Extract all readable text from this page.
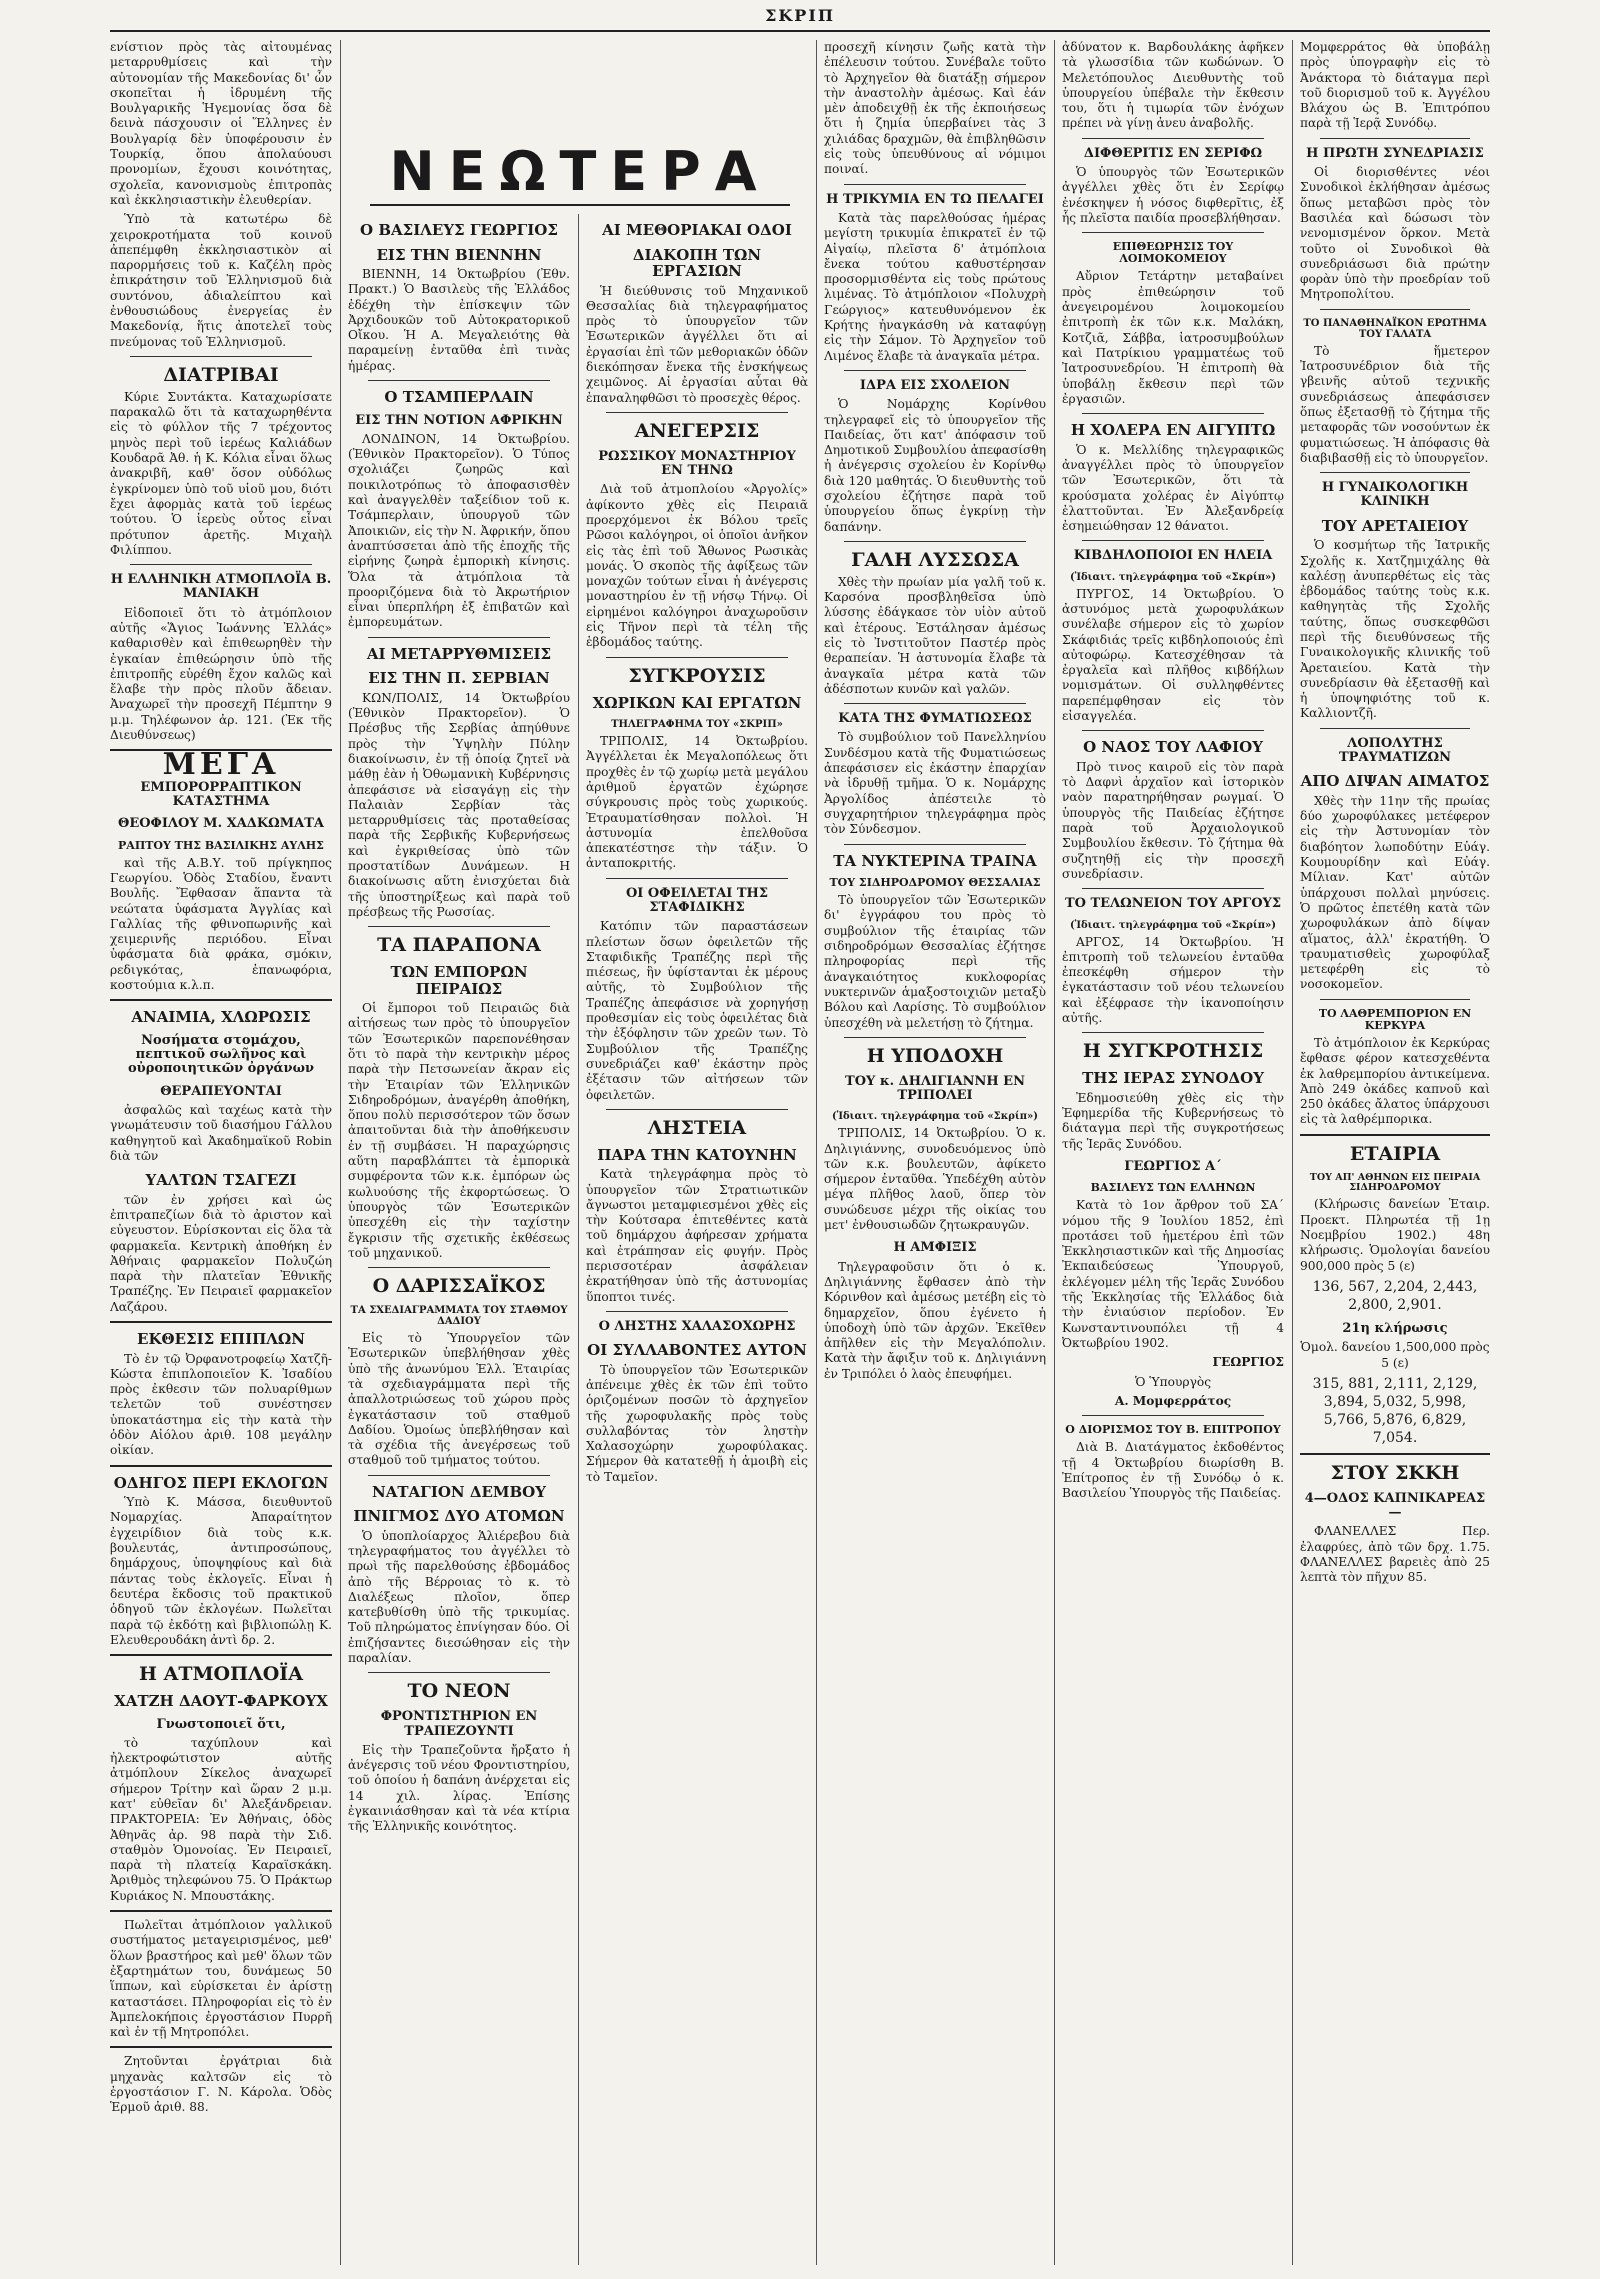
ΣΚΡΙΠ

ενίστιον πρὸς τὰς αἰτουμένας μεταρρυθμίσεις καὶ τὴν αὐτονομίαν τῆς Μακεδονίας δι' ὧν σκοπεῖται ἡ ἰδρυμένη τῆς Βουλγαρικῆς Ἡγεμονίας ὅσα δὲ δεινὰ πάσχουσιν οἱ Ἕλληνες ἐν Βουλγαρίᾳ δὲν ὑποφέρουσιν ἐν Τουρκίᾳ, ὅπου ἀπολαύουσι προνομίων, ἔχουσι κοινότητας, σχολεῖα, κανονισμοὺς ἐπιτροπὰς καὶ ἐκκλησιαστικὴν ἐλευθερίαν.

Ὑπὸ τὰ κατωτέρω δὲ χειροκροτήματα τοῦ κοινοῦ ἀπεπέμφθη ἐκκλησιαστικὸν αἱ παρορμήσεις τοῦ κ. Καζέλη πρὸς ἐπικράτησιν τοῦ Ἑλληνισμοῦ διὰ συντόνου, ἀδιαλείπτου καὶ ἐνθουσιώδους ἐνεργείας ἐν Μακεδονίᾳ, ἥτις ἀποτελεῖ τοὺς πνεύμονας τοῦ Ἑλληνισμοῦ.

ΔΙΑΤΡΙΒΑΙ

Κύριε Συντάκτα. Καταχωρίσατε παρακαλῶ ὅτι τὰ καταχωρηθέντα εἰς τὸ φύλλον τῆς 7 τρέχοντος μηνὸς περὶ τοῦ ἱερέως Καλιάδων Κουδαρᾶ Ἀθ. ἡ Κ. Κόλια εἶναι ὅλως ἀνακριβῆ, καθ' ὅσον οὐδόλως ἐγκρίνομεν ὑπὸ τοῦ υἱοῦ μου, διότι ἔχει ἀφορμὰς κατὰ τοῦ ἱερέως τούτου. Ὁ ἱερεὺς οὗτος εἶναι πρότυπον ἀρετῆς. Μιχαὴλ Φιλίππου.

Η ΕΛΛΗΝΙΚΗ ΑΤΜΟΠΛΟΪΑ Β. ΜΑΝΙΑΚΗ

Εἰδοποιεῖ ὅτι τὸ ἀτμόπλοιον αὐτῆς «Ἅγιος Ἰωάννης Ἐλλάς» καθαρισθὲν καὶ ἐπιθεωρηθὲν τὴν ἐγκαίαν ἐπιθεώρησιν ὑπὸ τῆς ἐπιτροπῆς εὑρέθη ἔχον καλῶς καὶ ἔλαβε τὴν πρὸς πλοῦν ἄδειαν. Ἀναχωρεῖ τὴν προσεχῆ Πέμπτην 9 μ.μ. Τηλέφωνον ἀρ. 121. (Ἐκ τῆς Διευθύνσεως)

ΜΕΓΑ
ΕΜΠΟΡΟΡΡΑΠΤΙΚΟΝ ΚΑΤΑΣΤΗΜΑ
ΘΕΟΦΙΛΟΥ Μ. ΧΑΔΚΩΜΑΤΑ
ΡΑΠΤΟΥ ΤΗΣ ΒΑΣΙΛΙΚΗΣ ΑΥΛΗΣ

καὶ τῆς Α.Β.Υ. τοῦ πρίγκηπος Γεωργίου. Ὁδὸς Σταδίου, ἔναντι Βουλῆς. Ἔφθασαν ἅπαντα τὰ νεώτατα ὑφάσματα Ἀγγλίας καὶ Γαλλίας τῆς φθινοπωρινῆς καὶ χειμερινῆς περιόδου. Εἶναι ὑφάσματα διὰ φράκα, σμόκιν, ρεδιγκότας, ἐπανωφόρια, κοστούμια κ.λ.π.

ΑΝΑΙΜΙΑ, ΧΛΩΡΩΣΙΣ
Νοσήματα στομάχου, πεπτικοῦ σωλῆνος καὶ οὐροποιητικῶν ὀργάνων
ΘΕΡΑΠΕΥΟΝΤΑΙ

ἀσφαλῶς καὶ ταχέως κατὰ τὴν γνωμάτευσιν τοῦ διασήμου Γάλλου καθηγητοῦ καὶ Ἀκαδημαϊκοῦ Robin διὰ τῶν

ΥΑΛΤΩΝ ΤΣΑΓΕΖΙ

τῶν ἐν χρήσει καὶ ὡς ἐπιτραπεζίων διὰ τὸ ἀριστον καὶ εὐγευστον. Εὑρίσκονται εἰς ὅλα τὰ φαρμακεῖα. Κεντρικὴ ἀποθήκη ἐν Ἀθήναις φαρμακεῖον Πολυζώη παρὰ τὴν πλατεῖαν Ἐθνικῆς Τραπέζης. Ἐν Πειραιεῖ φαρμακεῖον Λαζάρου.

ΕΚΘΕΣΙΣ ΕΠΙΠΛΩΝ

Τὸ ἐν τῷ Ὀρφανοτροφείῳ Χατζῆ-Κώστα ἐπιπλοποιεῖον Κ. Ἰσαδίου πρὸς ἐκθεσιν τῶν πολυαρίθμων τελετῶν τοῦ συνέστησεν ὑποκατάστημα εἰς τὴν κατὰ τὴν ὁδὸν Αἰόλου ἀριθ. 108 μεγάλην οἰκίαν.

ΟΔΗΓΟΣ ΠΕΡΙ ΕΚΛΟΓΩΝ

Ὑπὸ Κ. Μάσσα, διευθυντοῦ Νομαρχίας. Ἀπαραίτητον ἐγχειρίδιον διὰ τοὺς κ.κ. βουλευτάς, ἀντιπροσώπους, δημάρχους, ὑποψηφίους καὶ διὰ πάντας τοὺς ἐκλογεῖς. Εἶναι ἡ δευτέρα ἔκδοσις τοῦ πρακτικοῦ ὁδηγοῦ τῶν ἐκλογέων. Πωλεῖται παρὰ τῷ ἐκδότῃ καὶ βιβλιοπώλῃ Κ. Ελευθερουδάκη ἀντὶ δρ. 2.

Η ΑΤΜΟΠΛΟΪΑ
ΧΑΤΖΗ ΔΑΟΥΤ-ΦΑΡΚΟΥΧ
Γνωστοποιεῖ ὅτι,

τὸ ταχύπλουν καὶ ἠλεκτροφώτιστον αὐτῆς ἀτμόπλουν Σίκελος ἀναχωρεῖ σήμερον Τρίτην καὶ ὥραν 2 μ.μ. κατ' εὐθεῖαν δι' Ἀλεξάνδρειαν. ΠΡΑΚΤΟΡΕΙΑ: Ἐν Ἀθήναις, ὁδὸς Ἀθηνᾶς ἀρ. 98 παρὰ τὴν Σιδ. σταθμὸν Ὁμονοίας. Ἐν Πειραιεῖ, παρὰ τὴ πλατείᾳ Καραϊσκάκη. Ἀριθμὸς τηλεφώνου 75. Ὁ Πράκτωρ Κυριάκος Ν. Μπουστάκης.

Πωλεῖται ἀτμόπλοιον γαλλικοῦ συστήματος μεταγειρισμένος, μεθ' ὅλων βραστήρος καὶ μεθ' ὅλων τῶν ἐξαρτημάτων του, δυνάμεως 50 ἵππων, καὶ εὑρίσκεται ἐν ἀρίστῃ καταστάσει. Πληροφορίαι εἰς τὸ ἐν Ἀμπελοκήποις ἐργοστάσιον Πυρρῆ καὶ ἐν τῇ Μητροπόλει.

Ζητοῦνται ἐργάτριαι διὰ μηχανὰς καλτσῶν εἰς τὸ ἐργοστάσιον Γ. Ν. Κάρολα. Ὁδὸς Ἑρμοῦ ἀριθ. 88.

ΝΕΩΤΕΡΑ
Ο ΒΑΣΙΛΕΥΣ ΓΕΩΡΓΙΟΣ
ΕΙΣ ΤΗΝ ΒΙΕΝΝΗΝ

ΒΙΕΝΝΗ, 14 Ὀκτωβρίου (Ἐθν. Πρακτ.) Ὁ Βασιλεὺς τῆς Ἑλλάδος ἐδέχθη τὴν ἐπίσκεψιν τῶν Ἀρχιδουκῶν τοῦ Αὐτοκρατορικοῦ Οἴκου. Ἡ Α. Μεγαλειότης θὰ παραμείνῃ ἐνταῦθα ἐπὶ τινὰς ἡμέρας.

Ο ΤΣΑΜΠΕΡΛΑΙΝ
ΕΙΣ ΤΗΝ ΝΟΤΙΟΝ ΑΦΡΙΚΗΝ

ΛΟΝΔΙΝΟΝ, 14 Ὀκτωβρίου. (Ἐθνικὸν Πρακτορεῖον). Ὁ Τύπος σχολιάζει ζωηρῶς καὶ ποικιλοτρόπως τὸ ἀποφασισθὲν καὶ ἀναγγελθὲν ταξείδιον τοῦ κ. Τσάμπερλαιν, ὑπουργοῦ τῶν Ἀποικιῶν, εἰς τὴν Ν. Ἀφρικήν, ὅπου ἀναπτύσσεται ἀπὸ τῆς ἐποχῆς τῆς εἰρήνης ζωηρὰ ἐμπορικὴ κίνησις. Ὅλα τὰ ἀτμόπλοια τὰ προοριζόμενα διὰ τὸ Ἀκρωτήριον εἶναι ὑπερπλήρη ἐξ ἐπιβατῶν καὶ ἐμπορευμάτων.

ΑΙ ΜΕΤΑΡΡΥΘΜΙΣΕΙΣ
ΕΙΣ ΤΗΝ Π. ΣΕΡΒΙΑΝ

ΚΩΝ/ΠΟΛΙΣ, 14 Ὀκτωβρίου (Ἐθνικὸν Πρακτορεῖον). Ὁ Πρέσβυς τῆς Σερβίας ἀπηύθυνε πρὸς τὴν Ὑψηλὴν Πύλην διακοίνωσιν, ἐν τῇ ὁποίᾳ ζητεῖ νὰ μάθῃ ἐὰν ἡ Ὀθωμανικὴ Κυβέρνησις ἀπεφάσισε νὰ εἰσαγάγῃ εἰς τὴν Παλαιὰν Σερβίαν τὰς μεταρρυθμίσεις τὰς προταθείσας παρὰ τῆς Σερβικῆς Κυβερνήσεως καὶ ἐγκριθείσας ὑπὸ τῶν προστατίδων Δυνάμεων. Η διακοίνωσις αὕτη ἐνισχύεται διὰ τῆς ὑποστηρίξεως καὶ παρὰ τοῦ πρέσβεως τῆς Ρωσσίας.

ΤΑ ΠΑΡΑΠΟΝΑ
ΤΩΝ ΕΜΠΟΡΩΝ ΠΕΙΡΑΙΩΣ

Οἱ ἔμποροι τοῦ Πειραιῶς διὰ αἰτήσεως των πρὸς τὸ ὑπουργεῖον τῶν Ἐσωτερικῶν παρεπονέθησαν ὅτι τὸ παρὰ τὴν κεντρικὴν μέρος παρὰ τὴν Πετσωνείαν ἄκραν εἰς τὴν Ἑταιρίαν τῶν Ἑλληνικῶν Σιδηροδρόμων, ἀναγέρθη ἀποθήκη, ὅπου πολὺ περισσότερον τῶν ὅσων ἀπαιτοῦνται διὰ τὴν ἀποθήκευσιν ἐν τῇ συμβάσει. Ἡ παραχώρησις αὕτη παραβλάπτει τὰ ἐμπορικὰ συμφέροντα τῶν κ.κ. ἐμπόρων ὡς κωλυούσης τῆς ἐκφορτώσεως. Ὁ ὑπουργὸς τῶν Ἐσωτερικῶν ὑπεσχέθη εἰς τὴν ταχίστην ἔγκρισιν τῆς σχετικῆς ἐκθέσεως τοῦ μηχανικοῦ.

Ο ΔΑΡΙΣΣΑΪΚΟΣ
ΤΑ ΣΧΕΔΙΑΓΡΑΜΜΑΤΑ ΤΟΥ ΣΤΑΘΜΟΥ ΔΑΔΙΟΥ

Εἰς τὸ Ὑπουργεῖον τῶν Ἐσωτερικῶν ὑπεβλήθησαν χθὲς ὑπὸ τῆς ἀνωνύμου Ἑλλ. Ἑταιρίας τὰ σχεδιαγράμματα περὶ τῆς ἀπαλλοτριώσεως τοῦ χώρου πρὸς ἐγκατάστασιν τοῦ σταθμοῦ Δαδίου. Ὁμοίως ὑπεβλήθησαν καὶ τὰ σχέδια τῆς ἀνεγέρσεως τοῦ σταθμοῦ τοῦ τμήματος τούτου.

ΝΑΤΑΓΙΟΝ ΔΕΜΒΟΥ
ΠΝΙΓΜΟΣ ΔΥΟ ΑΤΟΜΩΝ

Ὁ ὑποπλοίαρχος Ἁλιέρεβου διὰ τηλεγραφήματος του ἀγγέλλει τὸ πρωὶ τῆς παρελθούσης ἐβδομάδος ἀπὸ τῆς Βέρροιας τὸ κ. τὸ Διαλέξεως πλοῖον, ὅπερ κατεβυθίσθη ὑπὸ τῆς τρικυμίας. Τοῦ πληρώματος ἐπνίγησαν δύο. Οἱ ἐπιζήσαντες διεσώθησαν εἰς τὴν παραλίαν.

ΤΟ ΝΕΟΝ
ΦΡΟΝΤΙΣΤΗΡΙΟΝ ΕΝ ΤΡΑΠΕΖΟΥΝΤΙ

Εἰς τὴν Τραπεζοῦντα ἤρξατο ἡ ἀνέγερσις τοῦ νέου Φροντιστηρίου, τοῦ ὁποίου ἡ δαπάνη ἀνέρχεται εἰς 14 χιλ. λίρας. Ἐπίσης ἐγκαινιάσθησαν καὶ τὰ νέα κτίρια τῆς Ἑλληνικῆς κοινότητος.

ΑΙ ΜΕΘΟΡΙΑΚΑΙ ΟΔΟΙ
ΔΙΑΚΟΠΗ ΤΩΝ ΕΡΓΑΣΙΩΝ

Ἡ διεύθυνσις τοῦ Μηχανικοῦ Θεσσαλίας διὰ τηλεγραφήματος πρὸς τὸ ὑπουργεῖον τῶν Ἐσωτερικῶν ἀγγέλλει ὅτι αἱ ἐργασίαι ἐπὶ τῶν μεθοριακῶν ὁδῶν διεκόπησαν ἕνεκα τῆς ἐνσκήψεως χειμῶνος. Αἱ ἐργασίαι αὗται θὰ ἐπαναληφθῶσι τὸ προσεχὲς θέρος.

ΑΝΕΓΕΡΣΙΣ
ΡΩΣΣΙΚΟΥ ΜΟΝΑΣΤΗΡΙΟΥ ΕΝ ΤΗΝΩ

Διὰ τοῦ ἀτμοπλοίου «Ἀργολίς» ἀφίκοντο χθὲς εἰς Πειραιᾶ προερχόμενοι ἐκ Βόλου τρεῖς Ρῶσοι καλόγηροι, οἱ ὁποῖοι ἀνῆκον εἰς τὰς ἐπὶ τοῦ Ἄθωνος Ρωσικὰς μονάς. Ὁ σκοπὸς τῆς ἀφίξεως τῶν μοναχῶν τούτων εἶναι ἡ ἀνέγερσις μοναστηρίου ἐν τῇ νήσῳ Τήνῳ. Οἱ εἰρημένοι καλόγηροι ἀναχωροῦσιν εἰς Τῆνον περὶ τὰ τέλη τῆς ἑβδομάδος ταύτης.

ΣΥΓΚΡΟΥΣΙΣ
ΧΩΡΙΚΩΝ ΚΑΙ ΕΡΓΑΤΩΝ
ΤΗΛΕΓΡΑΦΗΜΑ ΤΟΥ «ΣΚΡΙΠ»

ΤΡΙΠΟΛΙΣ, 14 Ὀκτωβρίου. Ἀγγέλλεται ἐκ Μεγαλοπόλεως ὅτι προχθὲς ἐν τῷ χωρίῳ μετὰ μεγάλου ἀριθμοῦ ἐργατῶν ἐχώρησε σύγκρουσις πρὸς τοὺς χωρικούς. Ἐτραυματίσθησαν πολλοὶ. Ἡ ἀστυνομία ἐπελθοῦσα ἀπεκατέστησε τὴν τάξιν. Ὁ ἀνταποκριτής.

ΟΙ ΟΦΕΙΛΕΤΑΙ ΤΗΣ ΣΤΑΦΙΔΙΚΗΣ

Κατόπιν τῶν παραστάσεων πλείστων ὅσων ὀφειλετῶν τῆς Σταφιδικῆς Τραπέζης περὶ τῆς πιέσεως, ἣν ὑφίστανται ἐκ μέρους αὐτῆς, τὸ Συμβούλιον τῆς Τραπέζης ἀπεφάσισε νὰ χορηγήσῃ προθεσμίαν εἰς τοὺς ὀφειλέτας διὰ τὴν ἐξόφλησιν τῶν χρεῶν των. Τὸ Συμβούλιον τῆς Τραπέζης συνεδριάζει καθ' ἑκάστην πρὸς ἐξέτασιν τῶν αἰτήσεων τῶν ὀφειλετῶν.

ΛΗΣΤΕΙΑ
ΠΑΡΑ ΤΗΝ ΚΑΤΟΥΝΗΝ

Κατὰ τηλεγράφημα πρὸς τὸ ὑπουργεῖον τῶν Στρατιωτικῶν ἄγνωστοι μεταμφιεσμένοι χθὲς εἰς τὴν Κούτσαρα ἐπιτεθέντες κατὰ τοῦ δημάρχου ἀφήρεσαν χρήματα καὶ ἐτράπησαν εἰς φυγήν. Πρὸς περισσοτέραν ἀσφάλειαν ἐκρατήθησαν ὑπὸ τῆς ἀστυνομίας ὕποπτοι τινές.

Ο ΛΗΣΤΗΣ ΧΑΛΑΣΟΧΩΡΗΣ
ΟΙ ΣΥΛΛΑΒΟΝΤΕΣ ΑΥΤΟΝ

Τὸ ὑπουργεῖον τῶν Ἐσωτερικῶν ἀπένειμε χθὲς ἐκ τῶν ἐπὶ τοῦτο ὁριζομένων ποσῶν τὸ ἀρχηγεῖον τῆς χωροφυλακῆς πρὸς τοὺς συλλαβόντας τὸν ληστὴν Χαλασοχώρην χωροφύλακας. Σήμερον θὰ κατατεθῇ ἡ ἀμοιβὴ εἰς τὸ Ταμεῖον.

προσεχῆ κίνησιν ζωῆς κατὰ τὴν ἐπέλευσιν τούτου. Συνέβαλε τοῦτο τὸ Ἀρχηγεῖον θὰ διατάξῃ σήμερον τὴν ἀναστολὴν ἀμέσως. Καὶ ἐάν μὲν ἀποδειχθῇ ἐκ τῆς ἐκποιήσεως ὅτι ἡ ζημία ὑπερβαίνει τὰς 3 χιλιάδας δραχμῶν, θὰ ἐπιβληθῶσιν εἰς τοὺς ὑπευθύνους αἱ νόμιμοι ποιναί.

Η ΤΡΙΚΥΜΙΑ ΕΝ ΤΩ ΠΕΛΑΓΕΙ

Κατὰ τὰς παρελθούσας ἡμέρας μεγίστη τρικυμία ἐπικρατεῖ ἐν τῷ Αἰγαίῳ, πλεῖστα δ' ἀτμόπλοια ἔνεκα τούτου καθυστέρησαν προσορμισθέντα εἰς τοὺς πρώτους λιμένας. Τὸ ἀτμόπλοιον «Πολυχρὴ Γεώργιος» κατευθυνόμενον ἐκ Κρήτης ἠναγκάσθη νὰ καταφύγῃ εἰς τὴν Σάμον. Τὸ Ἀρχηγεῖον τοῦ Λιμένος ἔλαβε τὰ ἀναγκαῖα μέτρα.

ΙΔΡΑ ΕΙΣ ΣΧΟΛΕΙΟΝ

Ὁ Νομάρχης Κορίνθου τηλεγραφεῖ εἰς τὸ ὑπουργεῖον τῆς Παιδείας, ὅτι κατ' ἀπόφασιν τοῦ Δημοτικοῦ Συμβουλίου ἀπεφασίσθη ἡ ἀνέγερσις σχολείου ἐν Κορίνθῳ διὰ 120 μαθητάς. Ὁ διευθυντὴς τοῦ σχολείου ἐζήτησε παρὰ τοῦ ὑπουργείου ὅπως ἐγκρίνῃ τὴν δαπάνην.

ΓΑΛΗ ΛΥΣΣΩΣΑ

Χθὲς τὴν πρωίαν μία γαλῆ τοῦ κ. Καρσόνα προσβληθεῖσα ὑπὸ λύσσης ἐδάγκασε τὸν υἱὸν αὐτοῦ καὶ ἑτέρους. Ἐστάλησαν ἀμέσως εἰς τὸ Ἰνστιτοῦτον Παστέρ πρὸς θεραπείαν. Ἡ ἀστυνομία ἔλαβε τὰ ἀναγκαῖα μέτρα κατὰ τῶν ἀδέσποτων κυνῶν καὶ γαλῶν.

ΚΑΤΑ ΤΗΣ ΦΥΜΑΤΙΩΣΕΩΣ

Τὸ συμβούλιον τοῦ Πανελληνίου Συνδέσμου κατὰ τῆς Φυματιώσεως ἀπεφάσισεν εἰς ἐκάστην ἐπαρχίαν νὰ ἱδρυθῇ τμῆμα. Ὁ κ. Νομάρχης Ἀργολίδος ἀπέστειλε τὸ συγχαρητήριον τηλεγράφημα πρὸς τὸν Σύνδεσμον.

ΤΑ ΝΥΚΤΕΡΙΝΑ ΤΡΑΙΝΑ
ΤΟΥ ΣΙΔΗΡΟΔΡΟΜΟΥ ΘΕΣΣΑΛΙΑΣ

Τὸ ὑπουργεῖον τῶν Ἐσωτερικῶν δι' ἐγγράφου του πρὸς τὸ συμβούλιον τῆς ἑταιρίας τῶν σιδηροδρόμων Θεσσαλίας ἐζήτησε πληροφορίας περὶ τῆς ἀναγκαιότητος κυκλοφορίας νυκτερινῶν ἁμαξοστοιχιῶν μεταξὺ Βόλου καὶ Λαρίσης. Τὸ συμβούλιον ὑπεσχέθη νὰ μελετήσῃ τὸ ζήτημα.

Η ΥΠΟΔΟΧΗ
ΤΟΥ κ. ΔΗΛΙΓΙΑΝΝΗ ΕΝ ΤΡΙΠΟΛΕΙ
(Ἰδιαιτ. τηλεγράφημα τοῦ «Σκρίπ»)

ΤΡΙΠΟΛΙΣ, 14 Ὀκτωβρίου. Ὁ κ. Δηλιγιάννης, συνοδευόμενος ὑπὸ τῶν κ.κ. βουλευτῶν, ἀφίκετο σήμερον ἐνταῦθα. Ὑπεδέχθη αὐτὸν μέγα πλῆθος λαοῦ, ὅπερ τὸν συνώδευσε μέχρι τῆς οἰκίας του μετ' ἐνθουσιωδῶν ζητωκραυγῶν.

Η ΑΜΦΙΞΙΣ

Τηλεγραφοῦσιν ὅτι ὁ κ. Δηλιγιάννης ἔφθασεν ἀπὸ τὴν Κόρινθον καὶ ἀμέσως μετέβη εἰς τὸ δημαρχεῖον, ὅπου ἐγένετο ἡ ὑποδοχὴ ὑπὸ τῶν ἀρχῶν. Ἐκεῖθεν ἀπῆλθεν εἰς τὴν Μεγαλόπολιν. Κατὰ τὴν ἄφιξιν τοῦ κ. Δηλιγιάννη ἐν Τριπόλει ὁ λαὸς ἐπευφήμει.

ἀδύνατον κ. Βαρδουλάκης ἀφῆκεν τὰ γλωσσίδια τῶν κωδώνων. Ὁ Μελετόπουλος Διευθυντὴς τοῦ ὑπουργείου ὑπέβαλε τὴν ἔκθεσιν του, ὅτι ἡ τιμωρία τῶν ἐνόχων πρέπει νὰ γίνῃ ἀνευ ἀναβολῆς.

ΔΙΦΘΕΡΙΤΙΣ ΕΝ ΣΕΡΙΦΩ

Ὁ ὑπουργὸς τῶν Ἐσωτερικῶν ἀγγέλλει χθὲς ὅτι ἐν Σερίφῳ ἐνέσκηψεν ἡ νόσος διφθερῖτις, ἐξ ἧς πλεῖστα παιδία προσεβλήθησαν.

ΕΠΙΘΕΩΡΗΣΙΣ ΤΟΥ ΛΟΙΜΟΚΟΜΕΙΟΥ

Αὔριον Τετάρτην μεταβαίνει πρὸς ἐπιθεώρησιν τοῦ ἀνεγειρομένου λοιμοκομείου ἐπιτροπὴ ἐκ τῶν κ.κ. Μαλάκη, Κοτζιᾶ, Σάββα, ἰατροσυμβούλων καὶ Πατρίκιου γραμματέως τοῦ Ἰατροσυνεδρίου. Ἡ ἐπιτροπὴ θὰ ὑποβάλῃ ἔκθεσιν περὶ τῶν ἐργασιῶν.

Η ΧΟΛΕΡΑ ΕΝ ΑΙΓΥΠΤΩ

Ὁ κ. Μελλίδης τηλεγραφικῶς ἀναγγέλλει πρὸς τὸ ὑπουργεῖον τῶν Ἐσωτερικῶν, ὅτι τὰ κρούσματα χολέρας ἐν Αἰγύπτῳ ἐλαττοῦνται. Ἐν Ἀλεξανδρείᾳ ἐσημειώθησαν 12 θάνατοι.

ΚΙΒΔΗΛΟΠΟΙΟΙ ΕΝ ΗΛΕΙΑ
(Ἰδιαιτ. τηλεγράφημα τοῦ «Σκρίπ»)

ΠΥΡΓΟΣ, 14 Ὀκτωβρίου. Ὁ ἀστυνόμος μετὰ χωροφυλάκων συνέλαβε σήμερον εἰς τὸ χωρίον Σκάφιδιάς τρεῖς κιβδηλοποιούς ἐπὶ αὐτοφώρῳ. Κατεσχέθησαν τὰ ἐργαλεῖα καὶ πλῆθος κιβδήλων νομισμάτων. Οἱ συλληφθέντες παρεπέμφθησαν εἰς τὸν εἰσαγγελέα.

Ο ΝΑΟΣ ΤΟΥ ΛΑΦΙΟΥ

Πρὸ τινος καιροῦ εἰς τὸν παρὰ τὸ Δαφνὶ ἀρχαῖον καὶ ἱστορικὸν ναὸν παρατηρήθησαν ρωγμαί. Ὁ ὑπουργὸς τῆς Παιδείας ἐζήτησε παρὰ τοῦ Ἀρχαιολογικοῦ Συμβουλίου ἔκθεσιν. Τὸ ζήτημα θὰ συζητηθῇ εἰς τὴν προσεχῆ συνεδρίασιν.

ΤΟ ΤΕΛΩΝΕΙΟΝ ΤΟΥ ΑΡΓΟΥΣ
(Ἰδιαιτ. τηλεγράφημα τοῦ «Σκρίπ»)

ΑΡΓΟΣ, 14 Ὀκτωβρίου. Ἡ ἐπιτροπὴ τοῦ τελωνείου ἐνταῦθα ἐπεσκέφθη σήμερον τὴν ἐγκατάστασιν τοῦ νέου τελωνείου καὶ ἐξέφρασε τὴν ἱκανοποίησιν αὐτῆς.

Η ΣΥΓΚΡΟΤΗΣΙΣ
ΤΗΣ ΙΕΡΑΣ ΣΥΝΟΔΟΥ

Ἐδημοσιεύθη χθὲς εἰς τὴν Ἐφημερίδα τῆς Κυβερνήσεως τὸ διάταγμα περὶ τῆς συγκροτήσεως τῆς Ἱερᾶς Συνόδου.

ΓΕΩΡΓΙΟΣ Α΄
ΒΑΣΙΛΕΥΣ ΤΩΝ ΕΛΛΗΝΩΝ

Κατὰ τὸ 1ον ἄρθρον τοῦ ΣΑ΄ νόμου τῆς 9 Ἰουλίου 1852, ἐπὶ προτάσει τοῦ ἡμετέρου ἐπὶ τῶν Ἐκκλησιαστικῶν καὶ τῆς Δημοσίας Ἐκπαιδεύσεως Ὑπουργοῦ, ἐκλέγομεν μέλη τῆς Ἱερᾶς Συνόδου τῆς Ἐκκλησίας τῆς Ἑλλάδος διὰ τὴν ἐνιαύσιον περίοδον. Ἐν Κωνσταντινουπόλει τῇ 4 Ὀκτωβρίου 1902.

ΓΕΩΡΓΙΟΣ

Ὁ Ὑπουργὸς

Α. Μομφερράτος

Ο ΔΙΟΡΙΣΜΟΣ ΤΟΥ Β. ΕΠΙΤΡΟΠΟΥ

Διὰ Β. Διατάγματος ἐκδοθέντος τῇ 4 Ὀκτωβρίου διωρίσθη Β. Ἐπίτροπος ἐν τῇ Συνόδῳ ὁ κ. Βασιλείου Ὑπουργὸς τῆς Παιδείας.

Μομφερράτος θὰ ὑποβάλῃ πρὸς ὑπογραφὴν εἰς τὸ Ἀνάκτορα τὸ διάταγμα περὶ τοῦ διορισμοῦ τοῦ κ. Ἀγγέλου Βλάχου ὡς Β. Ἐπιτρόπου παρὰ τῇ Ἱερᾷ Συνόδῳ.

Η ΠΡΩΤΗ ΣΥΝΕΔΡΙΑΣΙΣ

Οἱ διορισθέντες νέοι Συνοδικοὶ ἐκλήθησαν ἀμέσως ὅπως μεταβῶσι πρὸς τὸν Βασιλέα καὶ δώσωσι τὸν νενομισμένον ὅρκον. Μετὰ τοῦτο οἱ Συνοδικοὶ θὰ συνεδριάσωσι διὰ πρώτην φορὰν ὑπὸ τὴν προεδρίαν τοῦ Μητροπολίτου.

ΤΟ ΠΑΝΑΘΗΝΑΪΚΟΝ ΕΡΩΤΗΜΑ ΤΟΥ ΓΑΛΑΤΑ

Τὸ ἥμετερον Ἰατροσυνέδριον διὰ τῆς γβεινῆς αὑτοῦ τεχνικῆς συνεδριάσεως ἀπεφάσισεν ὅπως ἐξετασθῇ τὸ ζήτημα τῆς μεταφορᾶς τῶν νοσούντων ἐκ φυματιώσεως. Ἡ ἀπόφασις θὰ διαβιβασθῇ εἰς τὸ ὑπουργεῖον.

Η ΓΥΝΑΙΚΟΛΟΓΙΚΗ ΚΛΙΝΙΚΗ
ΤΟΥ ΑΡΕΤΑΙΕΙΟΥ

Ὁ κοσμήτωρ τῆς Ἰατρικῆς Σχολῆς κ. Χατζημιχάλης θὰ καλέσῃ ἀνυπερθέτως εἰς τὰς ἐβδομάδος ταύτης τοὺς κ.κ. καθηγητὰς τῆς Σχολῆς ταύτης, ὅπως συσκεφθῶσι περὶ τῆς διευθύνσεως τῆς Γυναικολογικῆς κλινικῆς τοῦ Ἀρεταιείου. Κατὰ τὴν συνεδρίασιν θὰ ἐξετασθῇ καὶ ἡ ὑποψηφιότης τοῦ κ. Καλλιοντζῆ.

ΛΟΠΟΛΥΤΗΣ ΤΡΑΥΜΑΤΙΖΩΝ
ΑΠΟ ΔΙΨΑΝ ΑΙΜΑΤΟΣ

Χθὲς τὴν 11ην τῆς πρωίας δύο χωροφύλακες μετέφερον εἰς τὴν Ἀστυνομίαν τὸν διαβόητον λωποδύτην Εὐάγ. Κουμουρίδην καὶ Εὐάγ. Μίλιαν. Κατ' αὐτῶν ὑπάρχουσι πολλαὶ μηνύσεις. Ὁ πρῶτος ἐπετέθη κατὰ τῶν χωροφυλάκων ἀπὸ δίψαν αἵματος, ἀλλ' ἐκρατήθη. Ὁ τραυματισθεὶς χωροφύλαξ μετεφέρθη εἰς τὸ νοσοκομεῖον.

ΤΟ ΛΑΘΡΕΜΠΟΡΙΟΝ ΕΝ ΚΕΡΚΥΡΑ

Τὸ ἀτμόπλοιον ἐκ Κερκύρας ἔφθασε φέρον κατεσχεθέντα ἐκ λαθρεμπορίου ἀντικείμενα. Ἀπὸ 249 ὀκάδες καπνοῦ καὶ 250 ὀκάδες ἄλατος ὑπάρχουσι εἰς τὰ λαθρέμπορικα.

ΕΤΑΙΡΙΑ
ΤΟΥ ΑΠ' ΑΘΗΝΩΝ ΕΙΣ ΠΕΙΡΑΙΑ ΣΙΔΗΡΟΔΡΟΜΟΥ

(Κλήρωσις δανείων Ἐταιρ. Προεκτ. Πληρωτέα τῇ 1ῃ Νοεμβρίου 1902.) 48η κλήρωσις. Ὁμολογίαι δανείου 900,000 πρὸς 5 (ε)

136, 567, 2,204, 2,443, 2,800, 2,901.

21η κλήρωσις

Ὁμολ. δανείου 1,500,000 πρὸς 5 (ε)

315, 881, 2,111, 2,129, 3,894, 5,032, 5,998, 5,766, 5,876, 6,829, 7,054.

ΣΤΟΥ ΣΚΚΗ
4—ΟΔΟΣ ΚΑΠΝΙΚΑΡΕΑΣ—

ΦΛΑΝΕΛΛΕΣ Περ. ἐλαφρύες, ἀπὸ τῶν δρχ. 1.75. ΦΛΑΝΕΛΛΕΣ βαρειὲς ἀπὸ 25 λεπτὰ τὸν πῆχυν 85.
